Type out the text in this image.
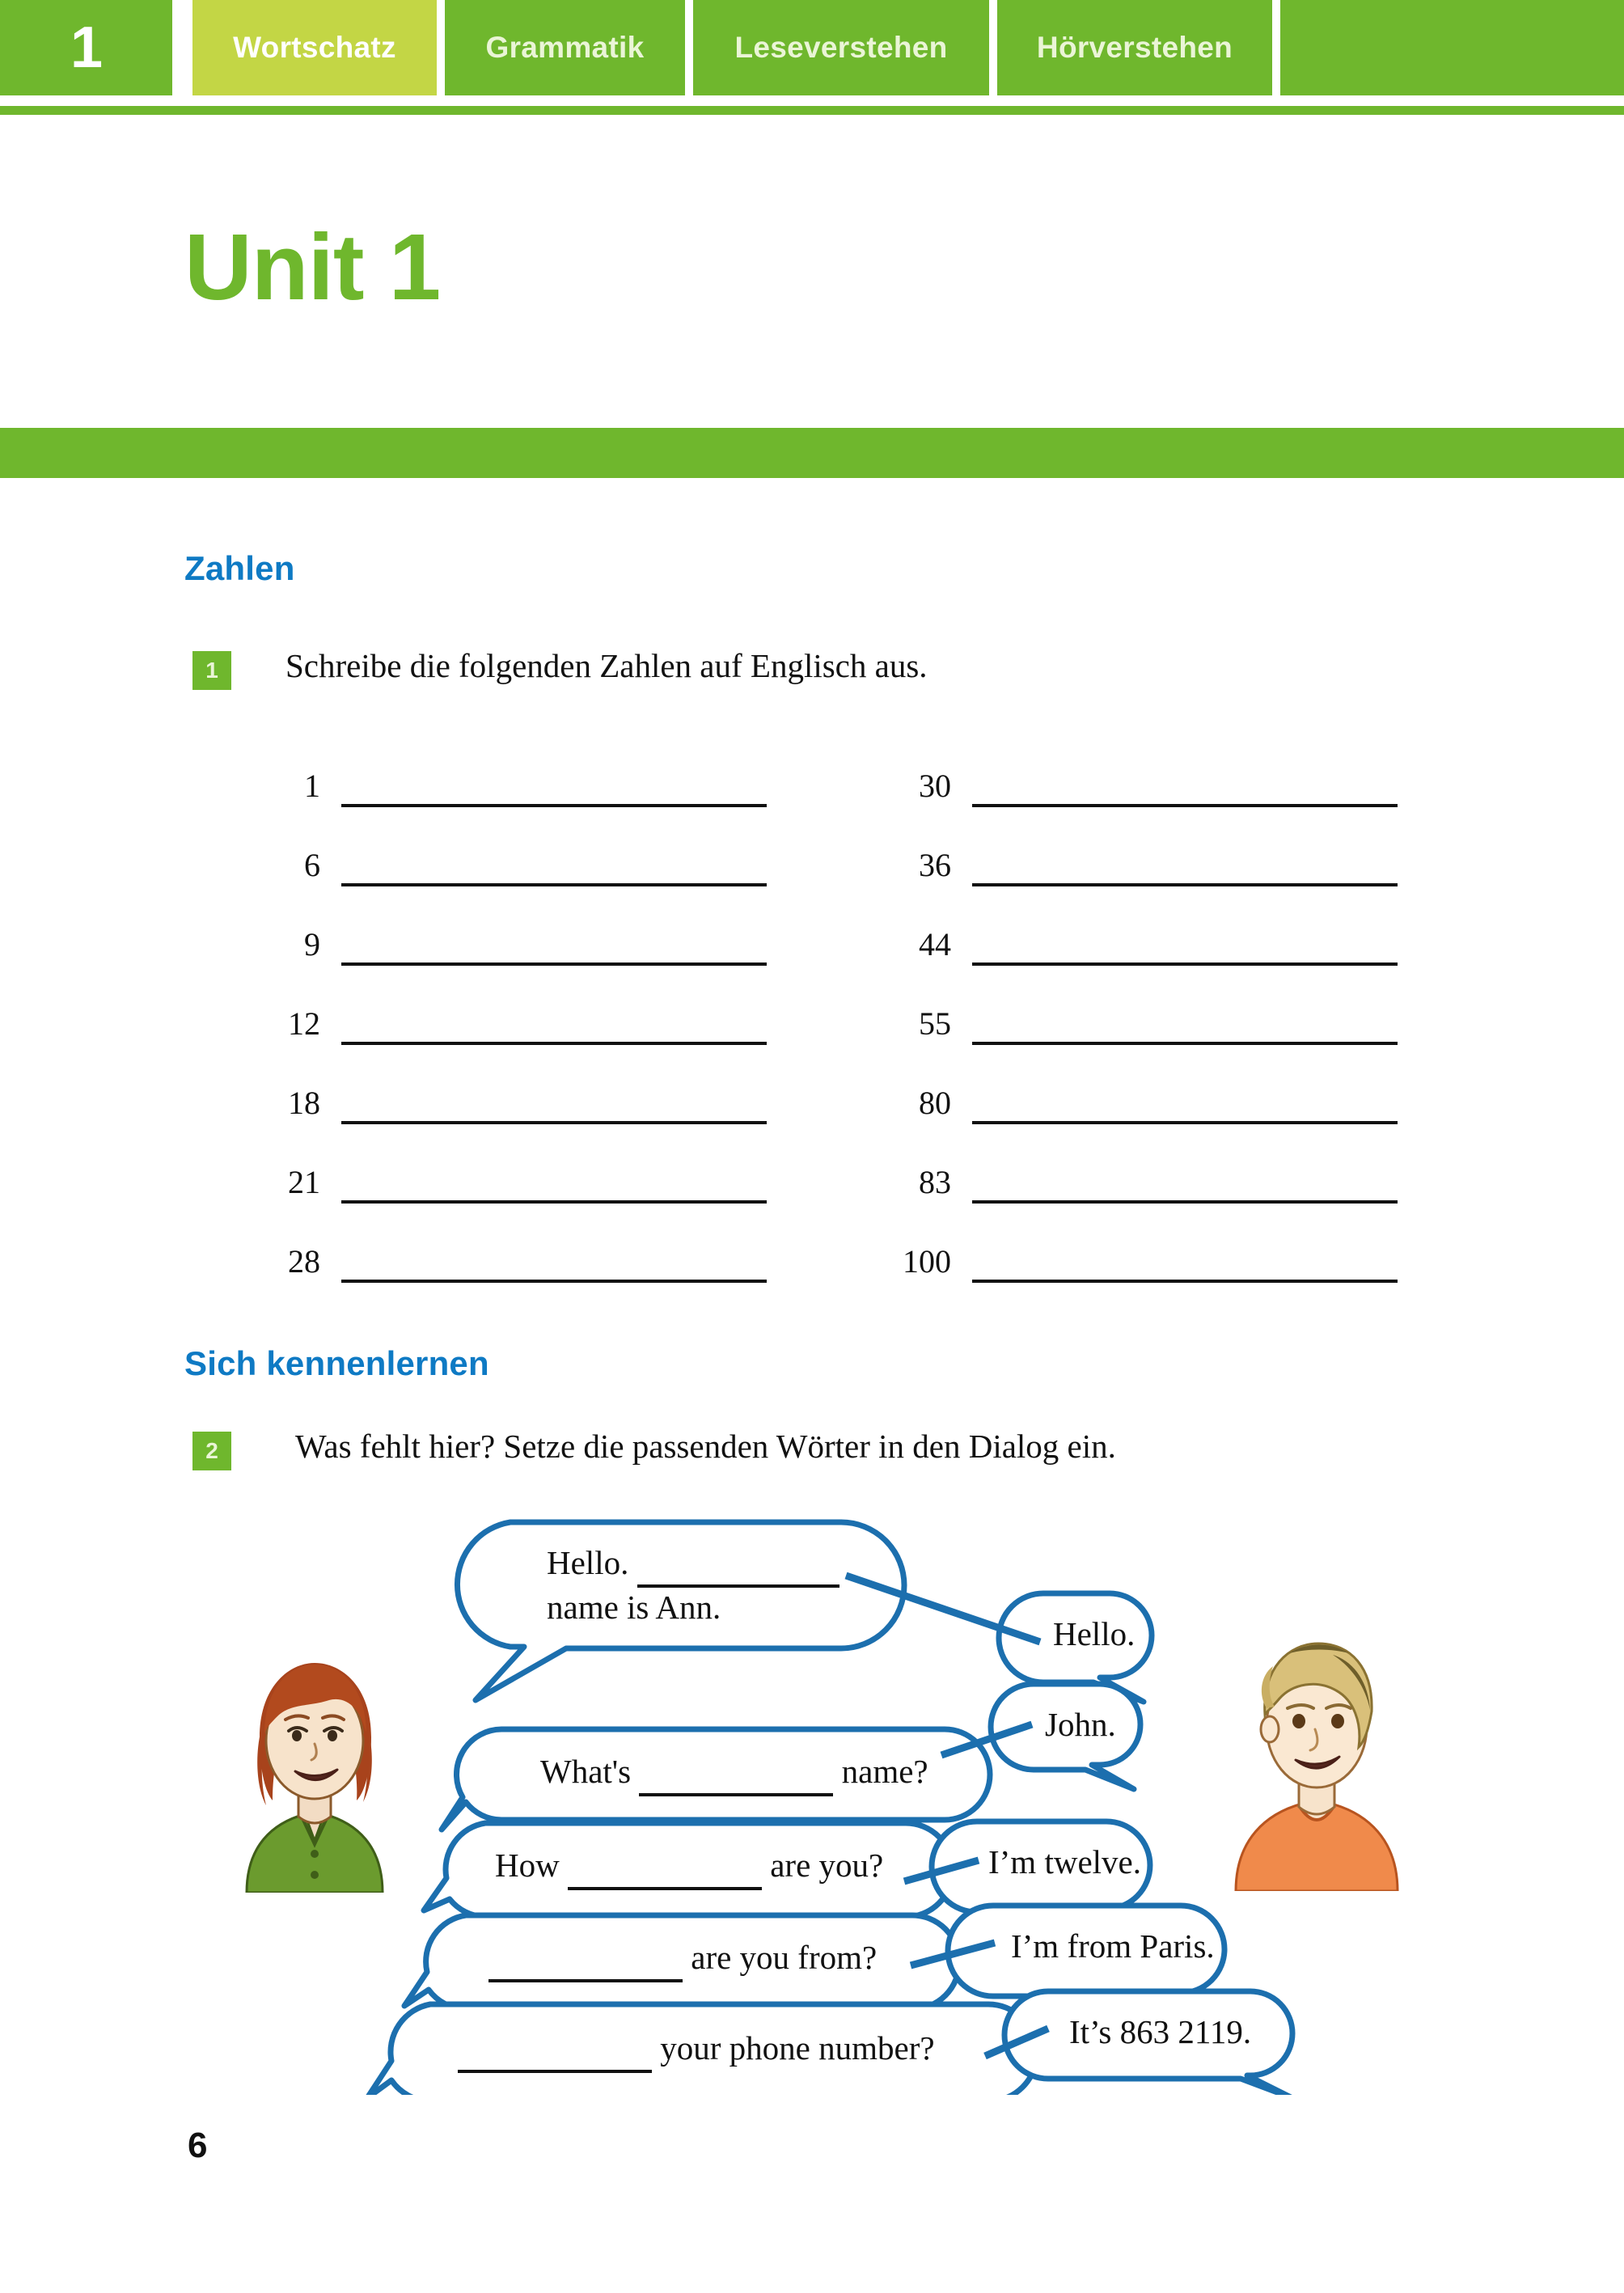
1	Wortschatz	Grammatik	Leseverstehen	Hörverstehen
Unit 1
Zahlen
1 Schreibe die folgenden Zahlen auf Englisch aus.
1	30
6	36
9	44
12	55
18	80
21	83
28	100
Sich kennenlernen
2 Was fehlt hier? Setze die passenden Wörter in den Dialog ein.
Hello.
name is Ann.
Hello.
John.
What's	name?
How	are you?	I’m twelve.
are you from?	I’m from Paris.
your phone number?	It’s 863 2119.
6
